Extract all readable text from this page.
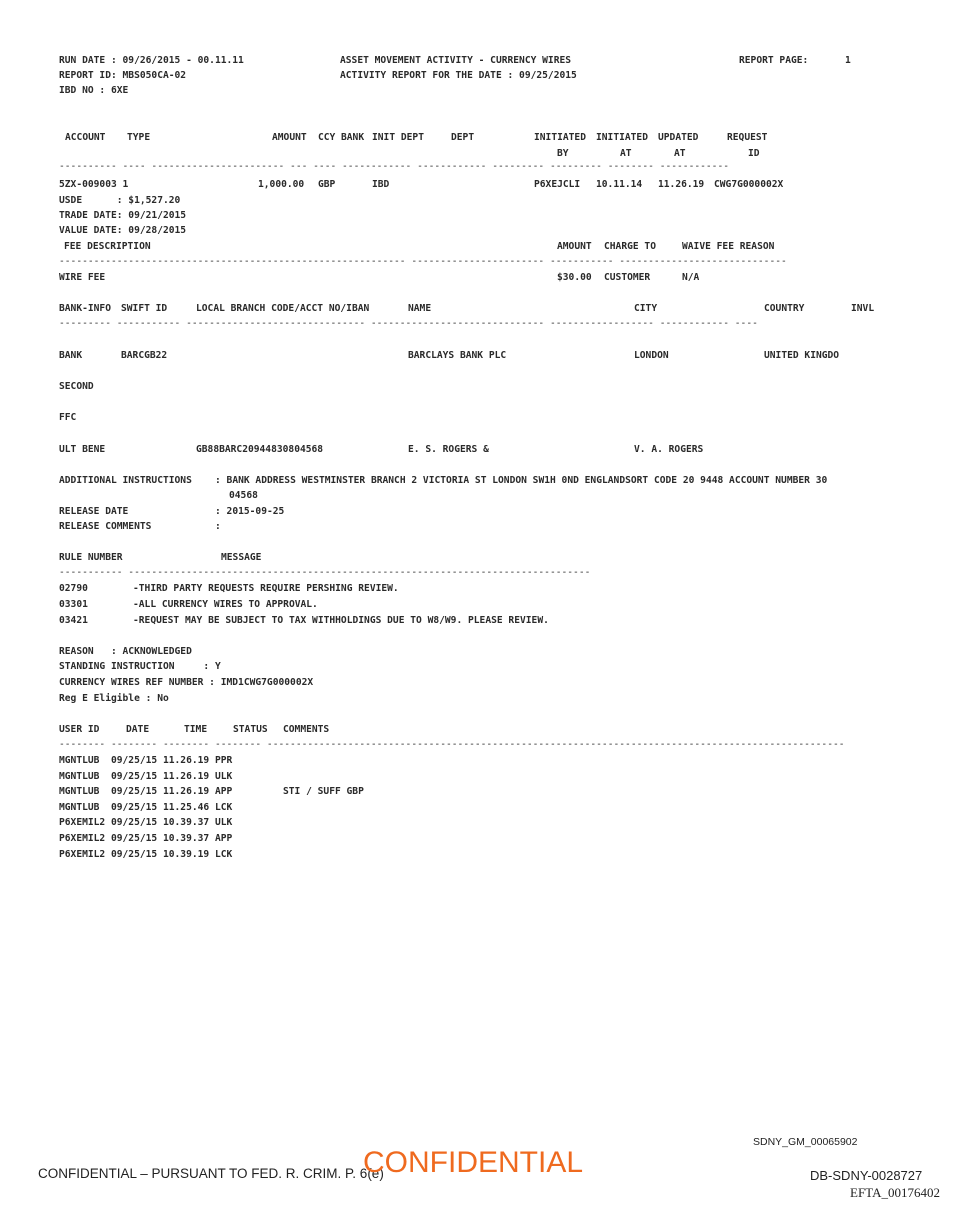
RUN DATE : 09/26/2015 - 00.11.11
REPORT ID: MBS050CA-02
IBD NO : 6XE
ASSET MOVEMENT ACTIVITY - CURRENCY WIRES
ACTIVITY REPORT FOR THE DATE : 09/25/2015
REPORT PAGE:	1
ACCOUNT TYPE	AMOUNT CCY BANK INIT DEPT	DEPT	INITIATED INITIATED UPDATED	REQUEST
BY	AT	AT	ID
---------- ---- ----------------------- --- ---- ------------ ------------ --------- --------- -------- ------------
5ZX-009003 1	1,000.00 GBP	IBD	P6XEJCLI 10.11.14 11.26.19 CWG7G000002X
USDE      : $1,527.20
TRADE DATE: 09/21/2015
VALUE DATE: 09/28/2015
FEE DESCRIPTION	AMOUNT CHARGE TO	WAIVE FEE REASON
------------------------------------------------------------ ----------------------- ----------- -----------------------------
WIRE FEE	$30.00 CUSTOMER	N/A
BANK-INFO SWIFT ID	LOCAL BRANCH CODE/ACCT NO/IBAN	NAME	CITY	COUNTRY	INVL
--------- ----------- ------------------------------- ------------------------------ ------------------ ------------ ----
BANK	BARCGB22	BARCLAYS BANK PLC	LONDON	UNITED KINGDO
SECOND
FFC
ULT BENE	GB88BARC20944830804568	E. S. ROGERS &	V. A. ROGERS
ADDITIONAL INSTRUCTIONS : BANK ADDRESS WESTMINSTER BRANCH 2 VICTORIA ST LONDON SW1H 0ND ENGLANDSORT CODE 20 9448 ACCOUNT NUMBER 30
04568
RELEASE DATE	: 2015-09-25
RELEASE COMMENTS	:
RULE NUMBER	MESSAGE
----------- --------------------------------------------------------------------------------
02790	-THIRD PARTY REQUESTS REQUIRE PERSHING REVIEW.
03301	-ALL CURRENCY WIRES TO APPROVAL.
03421	-REQUEST MAY BE SUBJECT TO TAX WITHHOLDINGS DUE TO W8/W9. PLEASE REVIEW.
REASON   : ACKNOWLEDGED
STANDING INSTRUCTION     : Y
CURRENCY WIRES REF NUMBER : IMD1CWG7G000002X
Reg E Eligible : No
USER ID	DATE	TIME	STATUS COMMENTS
-------- -------- -------- -------- ----------------------------------------------------------------------------------------------------
MGNTLUB  09/25/15 11.26.19 PPR
MGNTLUB  09/25/15 11.26.19 ULK
MGNTLUB  09/25/15 11.26.19 APP	STI / SUFF GBP
MGNTLUB  09/25/15 11.25.46 LCK
P6XEMIL2 09/25/15 10.39.37 ULK
P6XEMIL2 09/25/15 10.39.37 APP
P6XEMIL2 09/25/15 10.39.19 LCK
SDNY_GM_00065902
CONFIDENTIAL – PURSUANT TO FED. R. CRIM. P. 6(e)
CONFIDENTIAL	DB-SDNY-0028727
EFTA_00176402
